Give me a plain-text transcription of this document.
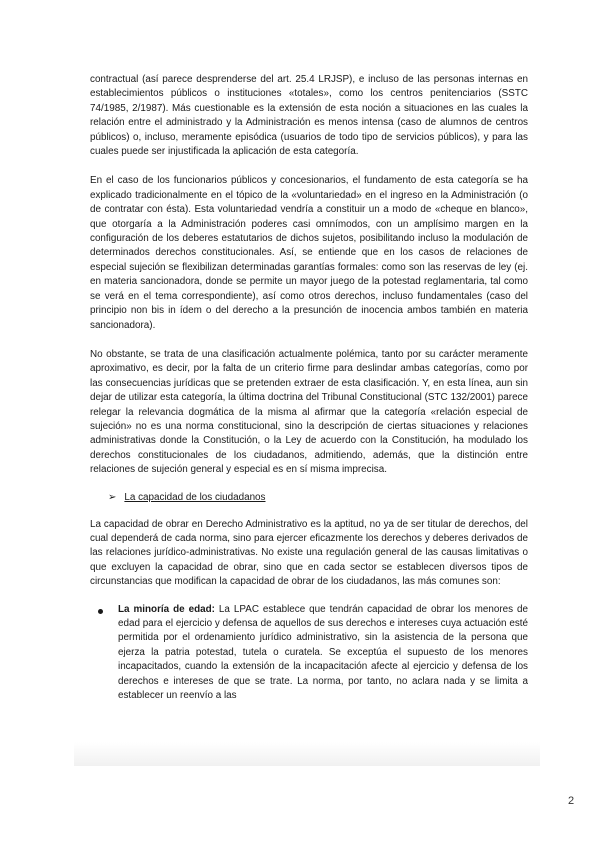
contractual (así parece desprenderse del art. 25.4 LRJSP), e incluso de las personas internas en establecimientos públicos o instituciones «totales», como los centros penitenciarios (SSTC 74/1985, 2/1987). Más cuestionable es la extensión de esta noción a situaciones en las cuales la relación entre el administrado y la Administración es menos intensa (caso de alumnos de centros públicos) o, incluso, meramente episódica (usuarios de todo tipo de servicios públicos), y para las cuales puede ser injustificada la aplicación de esta categoría.

En el caso de los funcionarios públicos y concesionarios, el fundamento de esta categoría se ha explicado tradicionalmente en el tópico de la «voluntariedad» en el ingreso en la Administración (o de contratar con ésta). Esta voluntariedad vendría a constituir un a modo de «cheque en blanco», que otorgaría a la Administración poderes casi omnímodos, con un amplísimo margen en la configuración de los deberes estatutarios de dichos sujetos, posibilitando incluso la modulación de determinados derechos constitucionales. Así, se entiende que en los casos de relaciones de especial sujeción se flexibilizan determinadas garantías formales: como son las reservas de ley (ej. en materia sancionadora, donde se permite un mayor juego de la potestad reglamentaria, tal como se verá en el tema correspondiente), así como otros derechos, incluso fundamentales (caso del principio non bis in ídem o del derecho a la presunción de inocencia ambos también en materia sancionadora).

No obstante, se trata de una clasificación actualmente polémica, tanto por su carácter meramente aproximativo, es decir, por la falta de un criterio firme para deslindar ambas categorías, como por las consecuencias jurídicas que se pretenden extraer de esta clasificación. Y, en esta línea, aun sin dejar de utilizar esta categoría, la última doctrina del Tribunal Constitucional (STC 132/2001) parece relegar la relevancia dogmática de la misma al afirmar que la categoría «relación especial de sujeción» no es una norma constitucional, sino la descripción de ciertas situaciones y relaciones administrativas donde la Constitución, o la Ley de acuerdo con la Constitución, ha modulado los derechos constitucionales de los ciudadanos, admitiendo, además, que la distinción entre relaciones de sujeción general y especial es en sí misma imprecisa.

➢ La capacidad de los ciudadanos

La capacidad de obrar en Derecho Administrativo es la aptitud, no ya de ser titular de derechos, del cual dependerá de cada norma, sino para ejercer eficazmente los derechos y deberes derivados de las relaciones jurídico-administrativas. No existe una regulación general de las causas limitativas o que excluyen la capacidad de obrar, sino que en cada sector se establecen diversos tipos de circunstancias que modifican la capacidad de obrar de los ciudadanos, las más comunes son:

La minoría de edad: La LPAC establece que tendrán capacidad de obrar los menores de edad para el ejercicio y defensa de aquellos de sus derechos e intereses cuya actuación esté permitida por el ordenamiento jurídico administrativo, sin la asistencia de la persona que ejerza la patria potestad, tutela o curatela. Se exceptúa el supuesto de los menores incapacitados, cuando la extensión de la incapacitación afecte al ejercicio y defensa de los derechos e intereses de que se trate. La norma, por tanto, no aclara nada y se limita a establecer un reenvío a las

2
